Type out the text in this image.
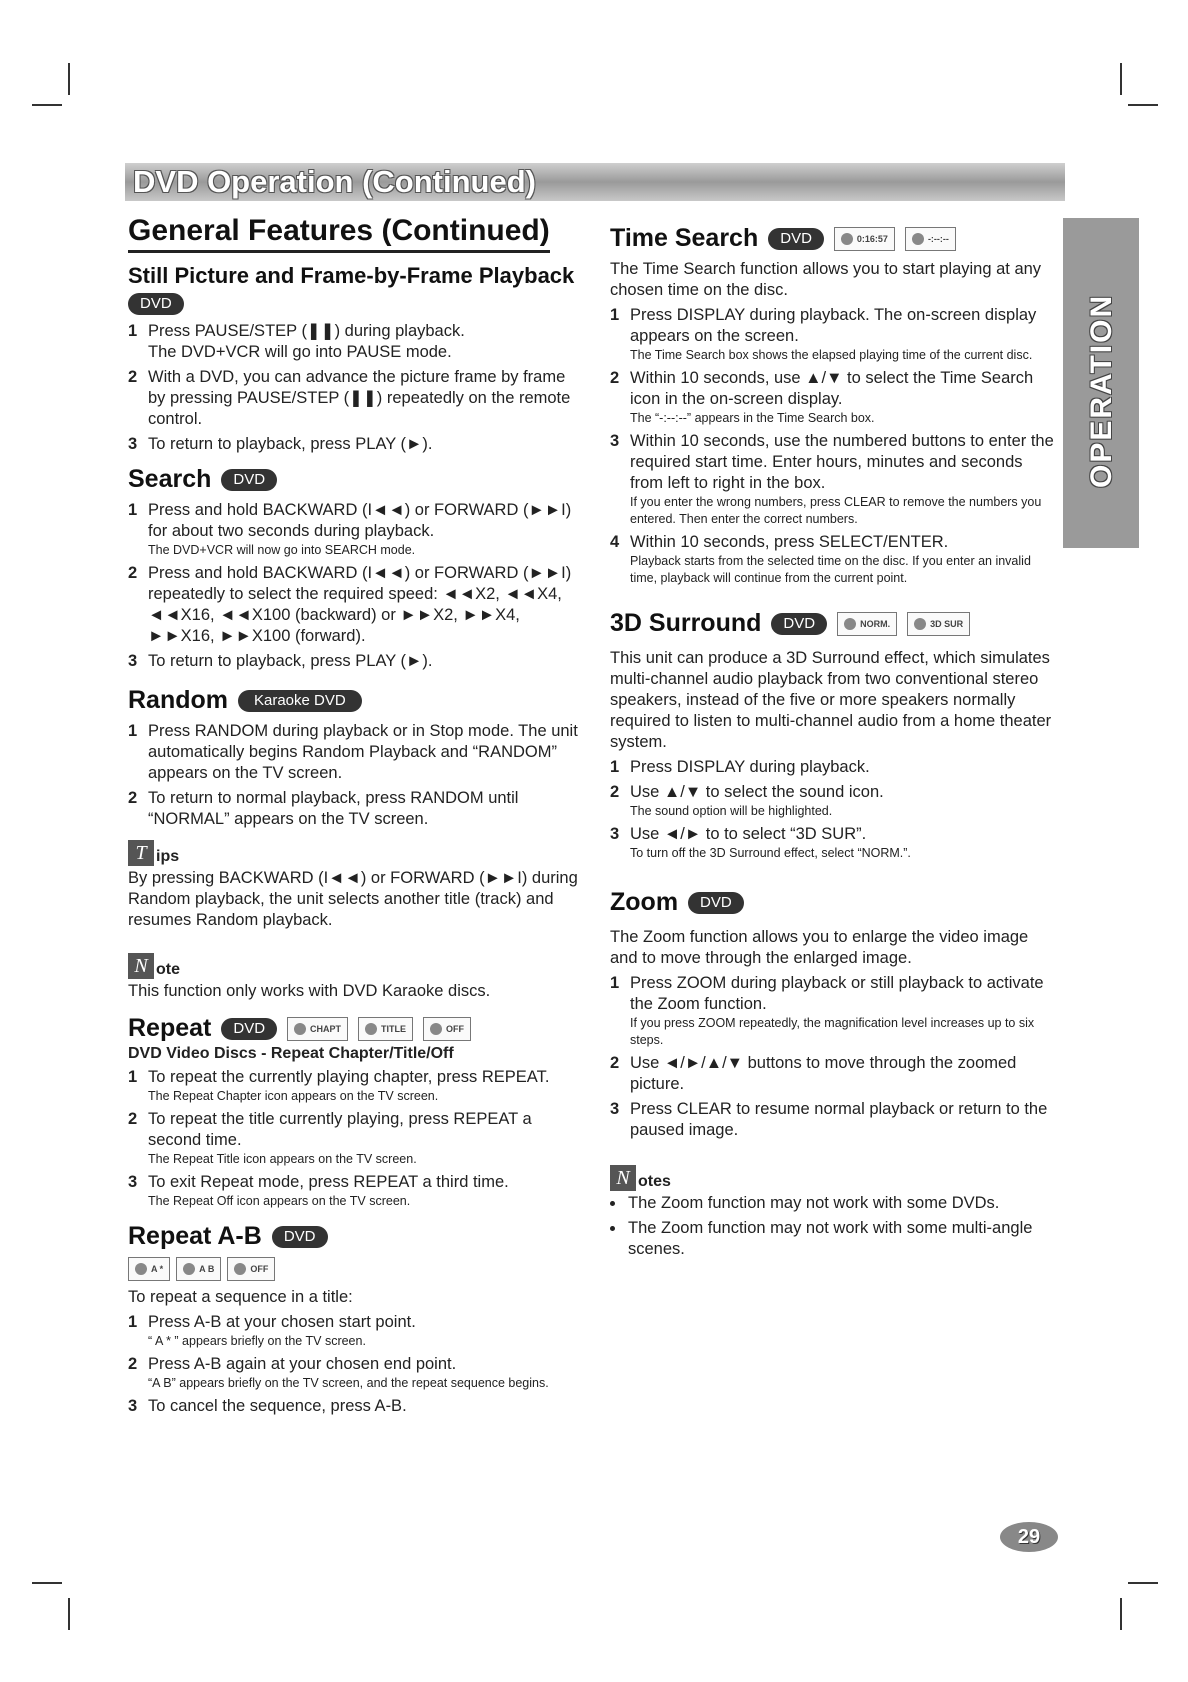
DVD Operation (Continued)
OPERATION
General Features (Continued)
Still Picture and Frame-by-Frame Playback
DVD
1 Press PAUSE/STEP (❚❚) during playback.
The DVD+VCR will go into PAUSE mode.
2 With a DVD, you can advance the picture frame by frame by pressing PAUSE/STEP (❚❚) repeatedly on the remote control.
3 To return to playback, press PLAY (►).
Search	DVD
1 Press and hold BACKWARD (I◄◄) or FORWARD (►►I) for about two seconds during playback.
The DVD+VCR will now go into SEARCH mode.
2 Press and hold BACKWARD (I◄◄) or FORWARD (►►I) repeatedly to select the required speed: ◄◄X2, ◄◄X4, ◄◄X16, ◄◄X100 (backward) or ►►X2, ►►X4, ►►X16, ►►X100 (forward).
3 To return to playback, press PLAY (►).
Random	Karaoke DVD
1 Press RANDOM during playback or in Stop mode. The unit automatically begins Random Playback and “RANDOM” appears on the TV screen.
2 To return to normal playback, press RANDOM until “NORMAL” appears on the TV screen.
T ips

By pressing BACKWARD (I◄◄) or FORWARD (►►I) during Random playback, the unit selects another title (track) and resumes Random playback.

N ote

This function only works with DVD Karaoke discs.

Repeat	DVD	CHAPT	TITLE	OFF
DVD Video Discs - Repeat Chapter/Title/Off
1 To repeat the currently playing chapter, press REPEAT.
The Repeat Chapter icon appears on the TV screen.
2 To repeat the title currently playing, press REPEAT a second time.
The Repeat Title icon appears on the TV screen.
3 To exit Repeat mode, press REPEAT a third time.
The Repeat Off icon appears on the TV screen.
Repeat A-B	DVD
A *	A B	OFF

To repeat a sequence in a title:

1 Press A-B at your chosen start point.
“ A * ” appears briefly on the TV screen.
2 Press A-B again at your chosen end point.
“A B” appears briefly on the TV screen, and the repeat sequence begins.
3 To cancel the sequence, press A-B.
Time Search	DVD	0:16:57	-:--:--

The Time Search function allows you to start playing at any chosen time on the disc.

1 Press DISPLAY during playback. The on-screen display appears on the screen.
The Time Search box shows the elapsed playing time of the current disc.
2 Within 10 seconds, use ▲/▼ to select the Time Search icon in the on-screen display.
The “-:--:--” appears in the Time Search box.
3 Within 10 seconds, use the numbered buttons to enter the required start time. Enter hours, minutes and seconds from left to right in the box.
If you enter the wrong numbers, press CLEAR to remove the numbers you entered. Then enter the correct numbers.
4 Within 10 seconds, press SELECT/ENTER.
Playback starts from the selected time on the disc. If you enter an invalid time, playback will continue from the current point.
3D Surround	DVD	NORM.	3D SUR

This unit can produce a 3D Surround effect, which simulates multi-channel audio playback from two conventional stereo speakers, instead of the five or more speakers normally required to listen to multi-channel audio from a home theater system.

1 Press DISPLAY during playback.
2 Use ▲/▼ to select the sound icon.
The sound option will be highlighted.
3 Use ◄/► to to select “3D SUR”.
To turn off the 3D Surround effect, select “NORM.”.
Zoom	DVD

The Zoom function allows you to enlarge the video image and to move through the enlarged image.

1 Press ZOOM during playback or still playback to activate the Zoom function.
If you press ZOOM repeatedly, the magnification level increases up to six steps.
2 Use ◄/►/▲/▼ buttons to move through the zoomed picture.
3 Press CLEAR to resume normal playback or return to the paused image.
N otes
• The Zoom function may not work with some DVDs.
• The Zoom function may not work with some multi-angle scenes.
29
